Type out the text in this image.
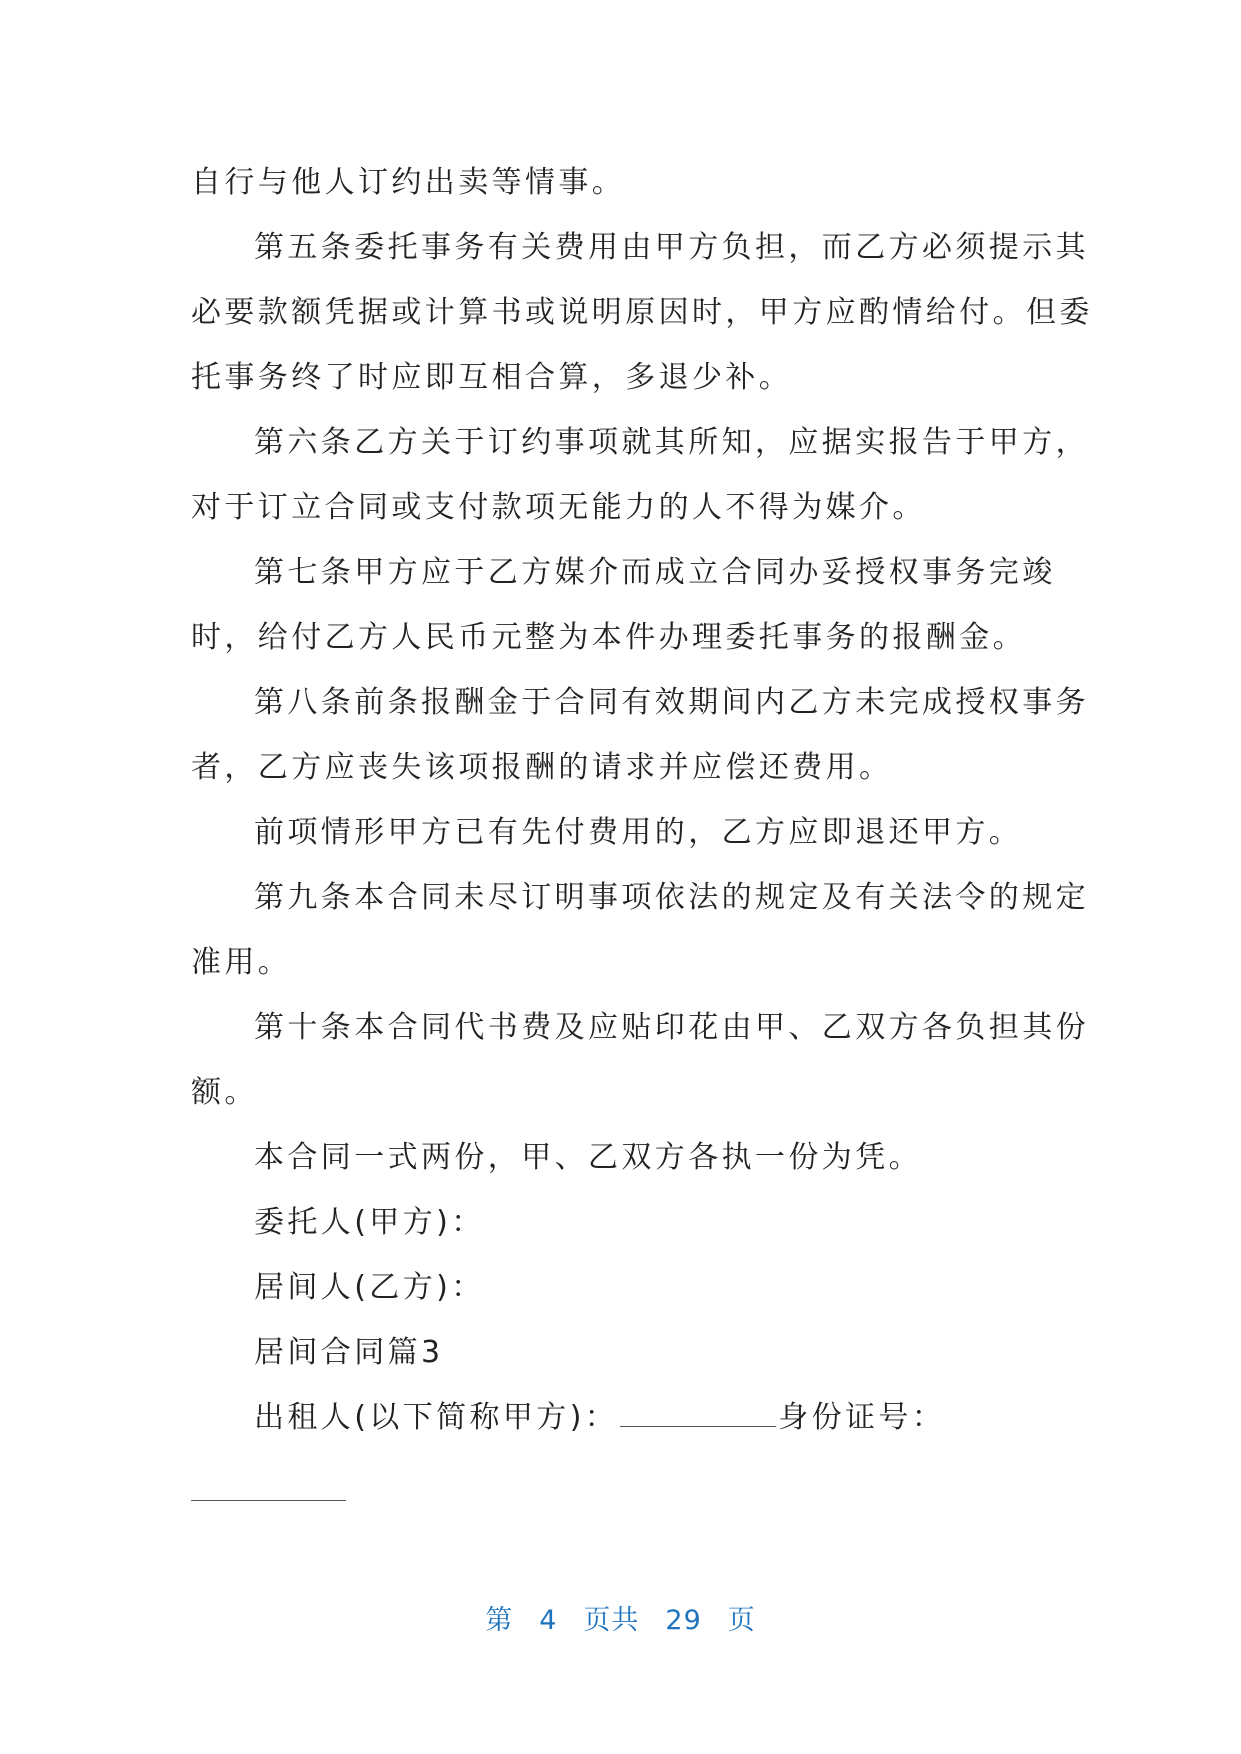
自行与他人订约出卖等情事。
第五条委托事务有关费用由甲方负担，而乙方必须提示其
必要款额凭据或计算书或说明原因时，甲方应酌情给付。但委
托事务终了时应即互相合算，多退少补。
第六条乙方关于订约事项就其所知，应据实报告于甲方，
对于订立合同或支付款项无能力的人不得为媒介。
第七条甲方应于乙方媒介而成立合同办妥授权事务完竣
时，给付乙方人民币元整为本件办理委托事务的报酬金。
第八条前条报酬金于合同有效期间内乙方未完成授权事务
者，乙方应丧失该项报酬的请求并应偿还费用。
前项情形甲方已有先付费用的，乙方应即退还甲方。
第九条本合同未尽订明事项依法的规定及有关法令的规定
准用。
第十条本合同代书费及应贴印花由甲、乙双方各负担其份
额。
本合同一式两份，甲、乙双方各执一份为凭。
委托人(甲方)：
居间人(乙方)：
居间合同篇3
出租人(以下简称甲方)：	身份证号：
第 4 页共 29 页
